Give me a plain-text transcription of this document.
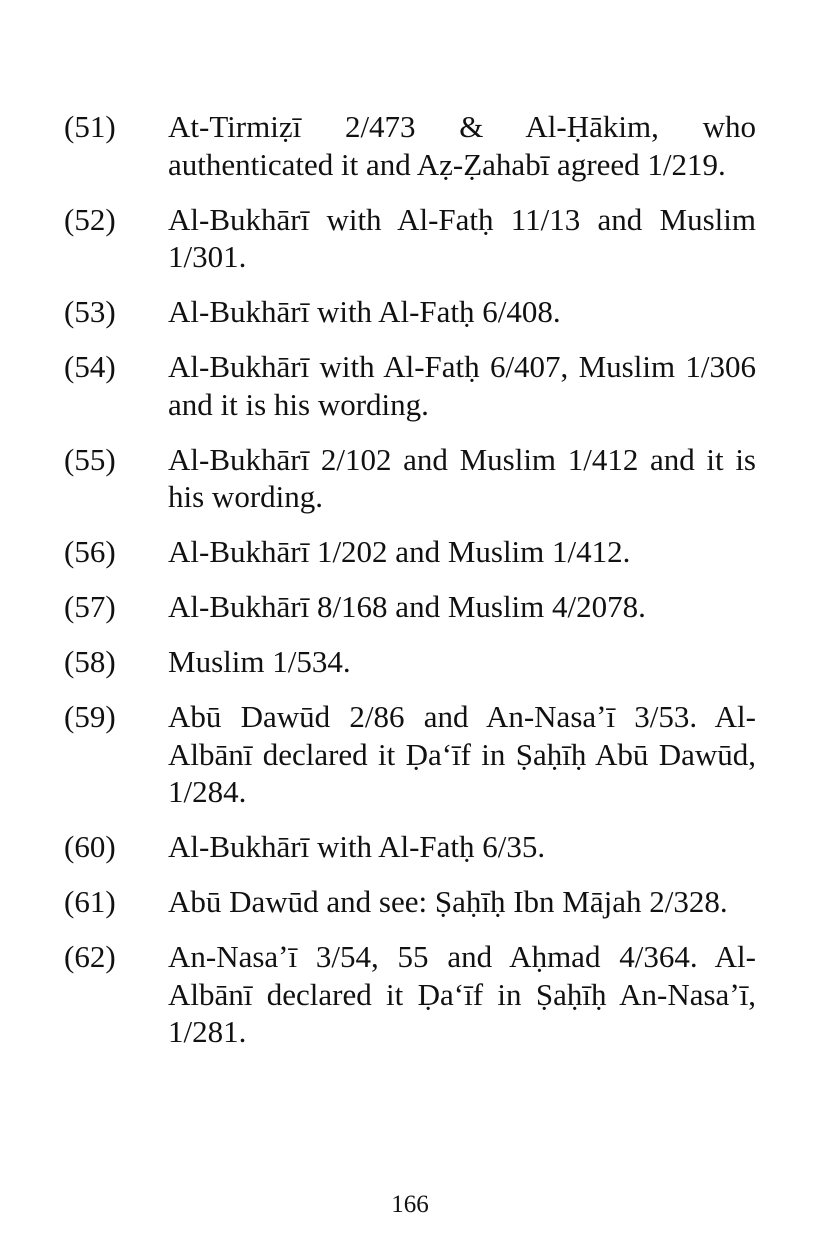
(51)	At-Tirmiẓī 2/473 & Al-Ḥākim, who authenticated it and Aẓ-Ẓahabī agreed 1/219.
(52)	Al-Bukhārī with Al-Fatḥ 11/13 and Muslim 1/301.
(53)	Al-Bukhārī with Al-Fatḥ 6/408.
(54)	Al-Bukhārī with Al-Fatḥ 6/407, Muslim 1/306 and it is his wording.
(55)	Al-Bukhārī 2/102 and Muslim 1/412 and it is his wording.
(56)	Al-Bukhārī 1/202 and Muslim 1/412.
(57)	Al-Bukhārī 8/168 and Muslim 4/2078.
(58)	Muslim 1/534.
(59)	Abū Dawūd 2/86 and An-Nasaʼī 3/53. Al-Albānī declared it Ḍaʻīf in Ṣaḥīḥ Abū Dawūd, 1/284.
(60)	Al-Bukhārī with Al-Fatḥ 6/35.
(61)	Abū Dawūd and see: Ṣaḥīḥ Ibn Mājah 2/328.
(62)	An-Nasaʼī 3/54, 55 and Aḥmad 4/364. Al-Albānī declared it Ḍaʻīf in Ṣaḥīḥ An-Nasaʼī, 1/281.
166
